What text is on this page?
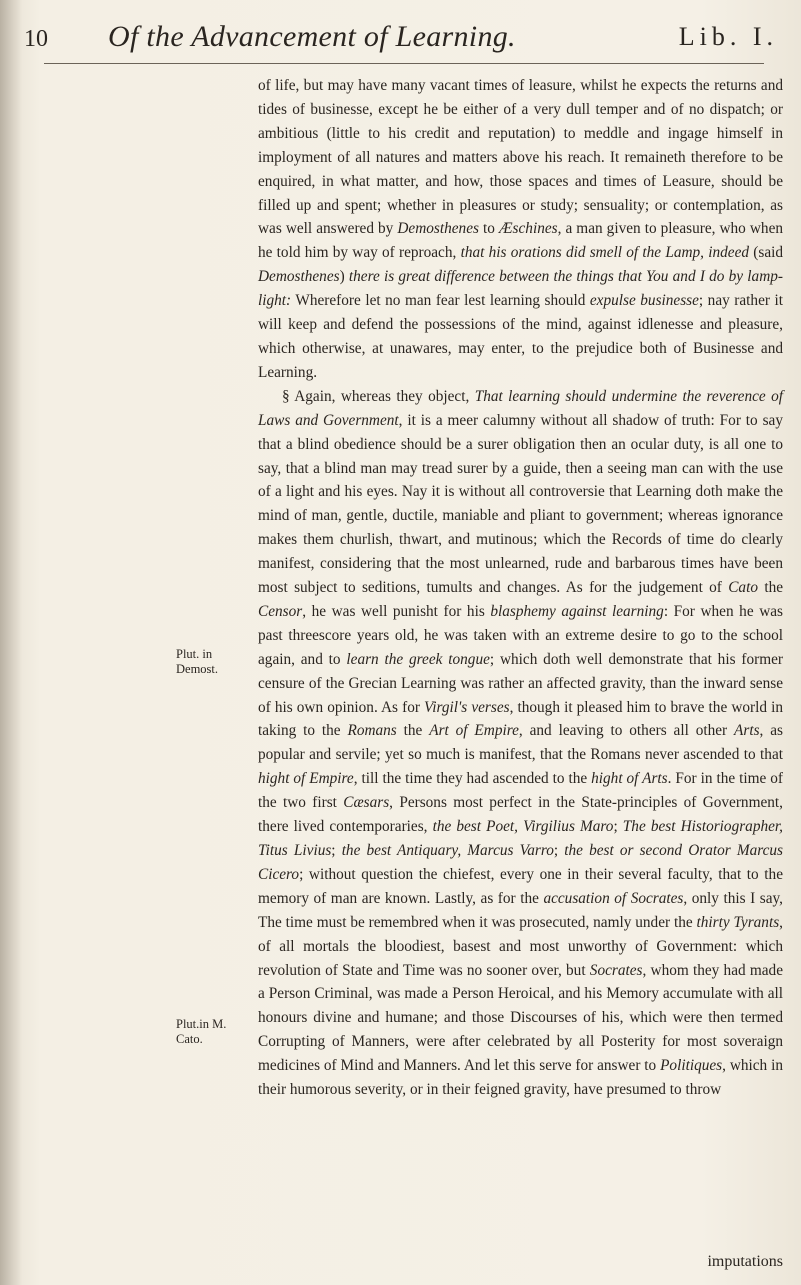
10 Of the Advancement of Learning.	Lib. I.
Plut. in Demost.
Plut.in M. Cato.

of life, but may have many vacant times of leasure, whilst he expects the returns and tides of businesse, except he be either of a very dull temper and of no dispatch; or ambitious (little to his credit and reputation) to meddle and ingage himself in imployment of all natures and matters above his reach. It remaineth therefore to be enquired, in what matter, and how, those spaces and times of Leasure, should be filled up and spent; whether in pleasures or study; sensuality; or contemplation, as was well answered by Demosthenes to Æschines, a man given to pleasure, who when he told him by way of reproach, that his orations did smell of the Lamp, indeed (said Demosthenes) there is great difference between the things that You and I do by lamp-light: Wherefore let no man fear lest learning should expulse businesse; nay rather it will keep and defend the possessions of the mind, against idlenesse and pleasure, which otherwise, at unawares, may enter, to the prejudice both of Businesse and Learning.

§ Again, whereas they object, That learning should undermine the reverence of Laws and Government, it is a meer calumny without all shadow of truth: For to say that a blind obedience should be a surer obligation then an ocular duty, is all one to say, that a blind man may tread surer by a guide, then a seeing man can with the use of a light and his eyes. Nay it is without all controversie that Learning doth make the mind of man, gentle, ductile, maniable and pliant to government; whereas ignorance makes them churlish, thwart, and mutinous; which the Records of time do clearly manifest, considering that the most unlearned, rude and barbarous times have been most subject to seditions, tumults and changes. As for the judgement of Cato the Censor, he was well punisht for his blasphemy against learning: For when he was past threescore years old, he was taken with an extreme desire to go to the school again, and to learn the greek tongue; which doth well demonstrate that his former censure of the Grecian Learning was rather an affected gravity, than the inward sense of his own opinion. As for Virgil's verses, though it pleased him to brave the world in taking to the Romans the Art of Empire, and leaving to others all other Arts, as popular and servile; yet so much is manifest, that the Romans never ascended to that hight of Empire, till the time they had ascended to the hight of Arts. For in the time of the two first Cæsars, Persons most perfect in the State-principles of Government, there lived contemporaries, the best Poet, Virgilius Maro; The best Historiographer, Titus Livius; the best Antiquary, Marcus Varro; the best or second Orator Marcus Cicero; without question the chiefest, every one in their several faculty, that to the memory of man are known. Lastly, as for the accusation of Socrates, only this I say, The time must be remembred when it was prosecuted, namly under the thirty Tyrants, of all mortals the bloodiest, basest and most unworthy of Government: which revolution of State and Time was no sooner over, but Socrates, whom they had made a Person Criminal, was made a Person Heroical, and his Memory accumulate with all honours divine and humane; and those Discourses of his, which were then termed Corrupting of Manners, were after celebrated by all Posterity for most soveraign medicines of Mind and Manners. And let this serve for answer to Politiques, which in their humorous severity, or in their feigned gravity, have presumed to throw

imputations
